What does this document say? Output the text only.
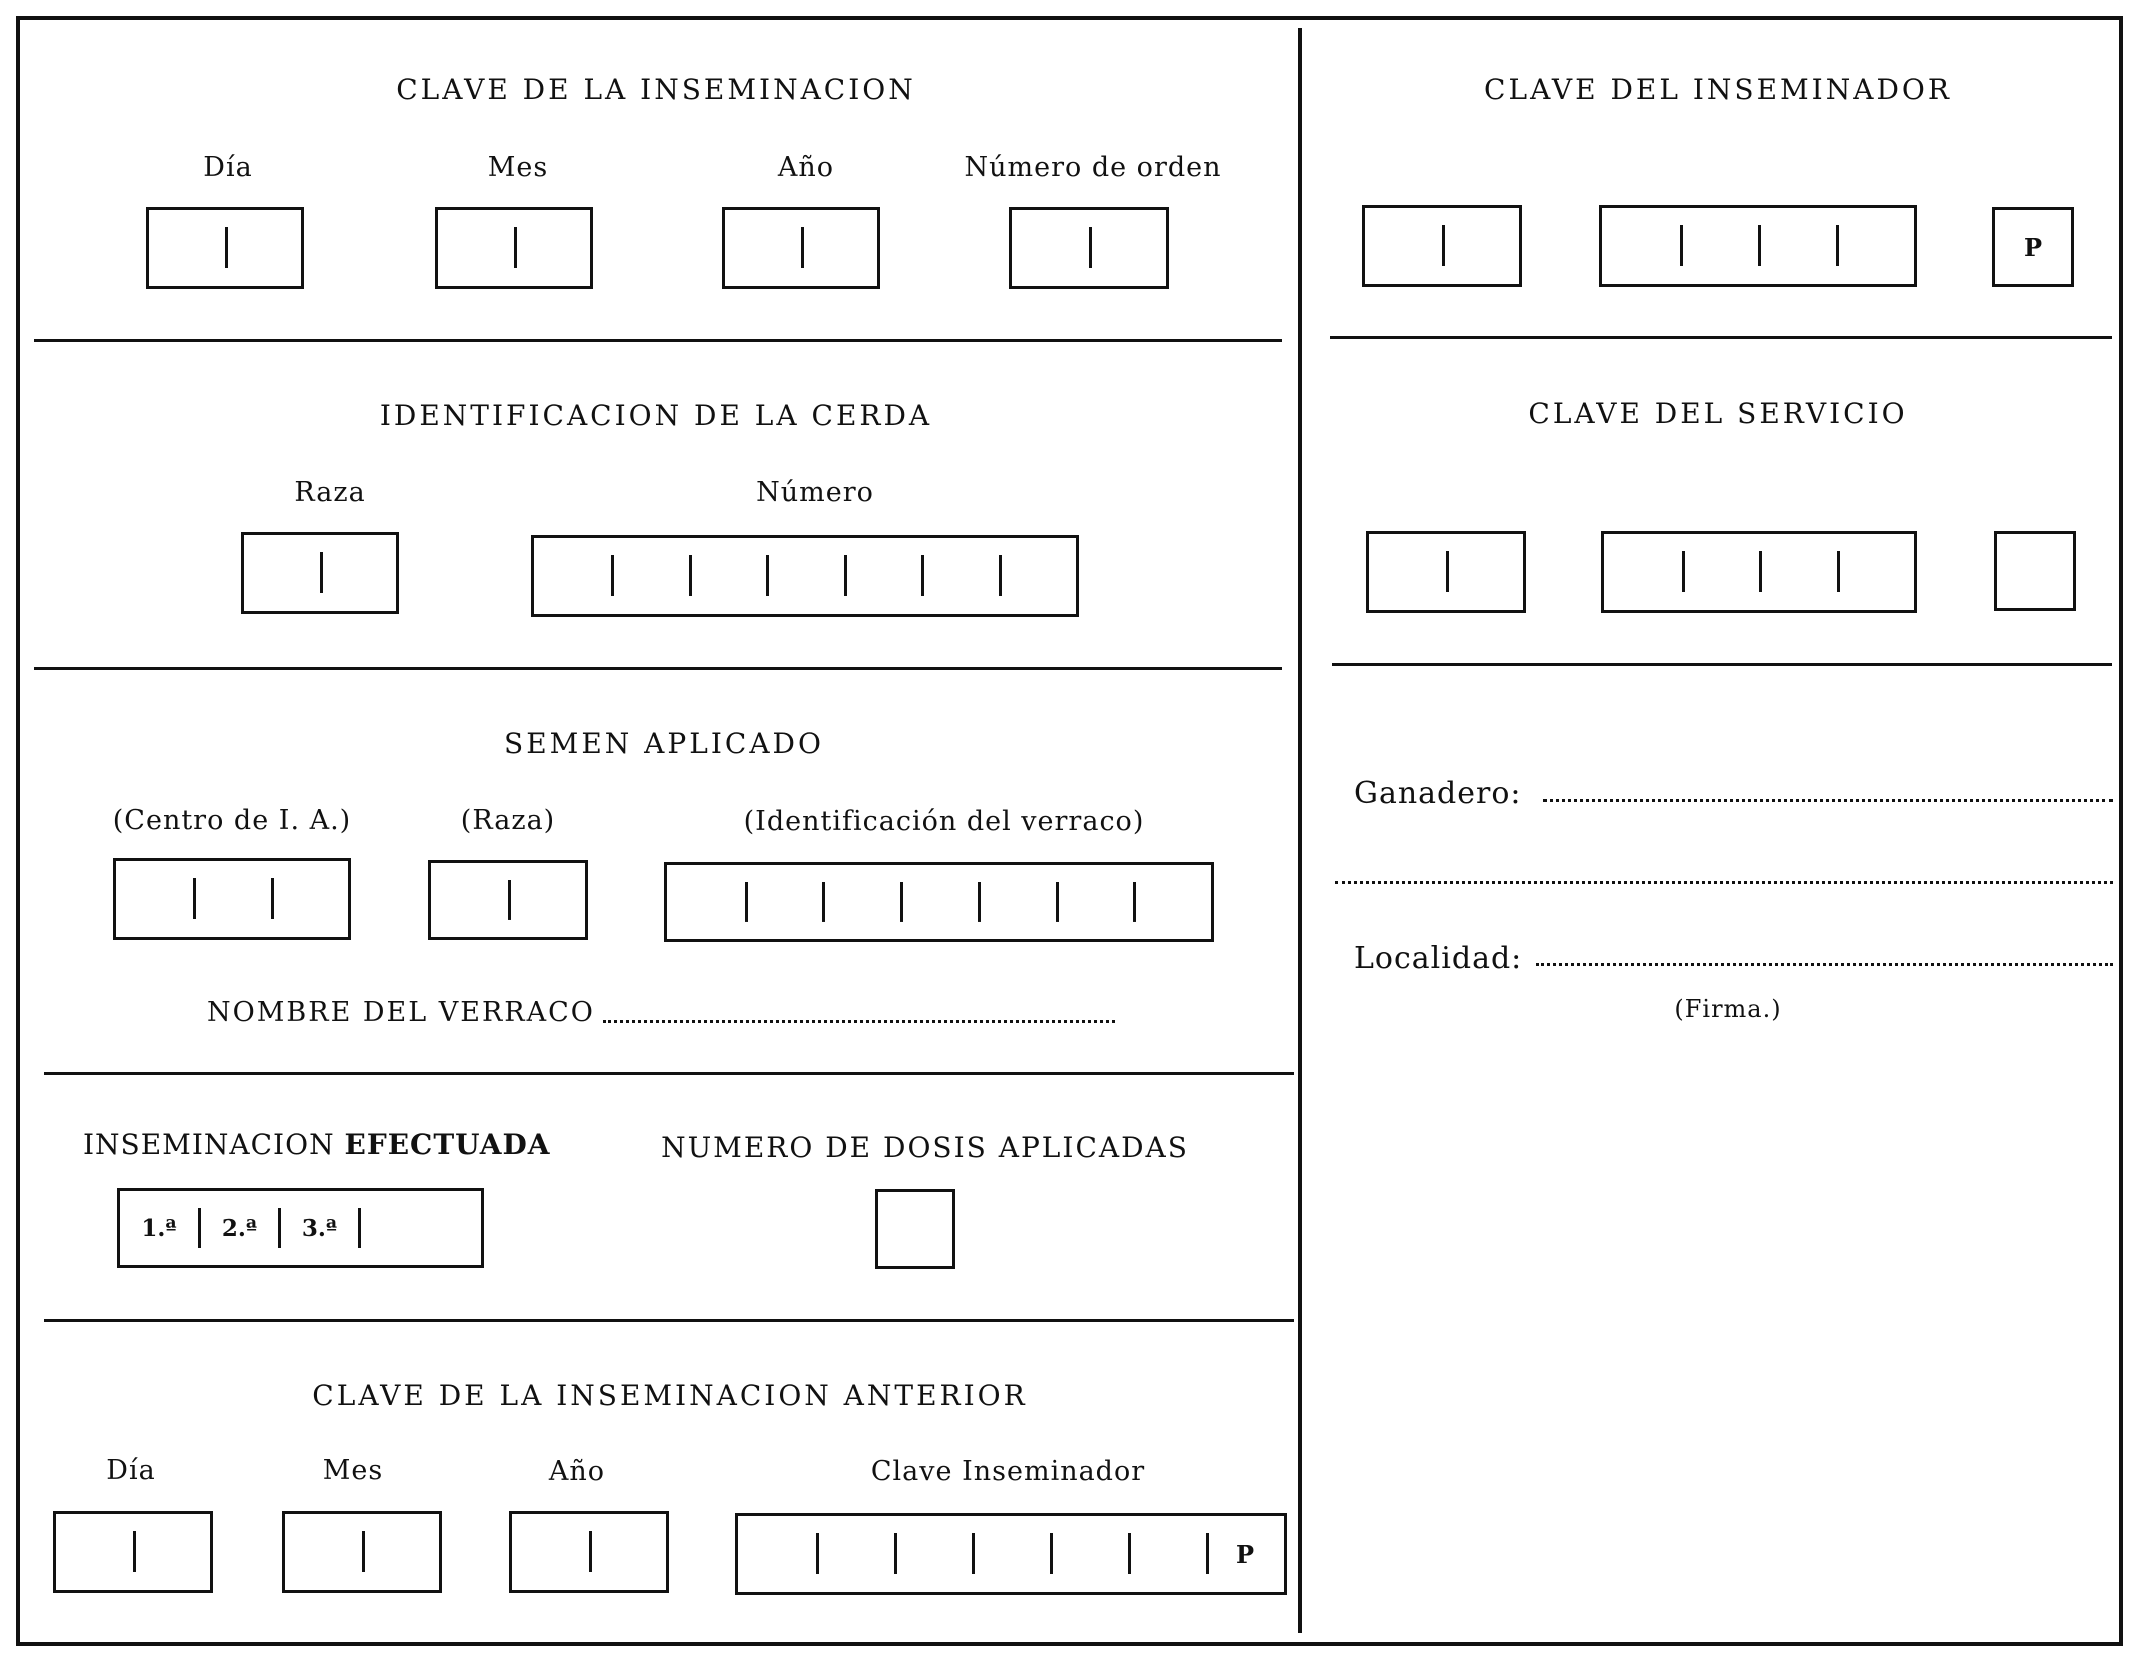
CLAVE DE LA INSEMINACION
Día	Mes	Año	Número de orden
CLAVE DEL INSEMINADOR
P
IDENTIFICACION DE LA CERDA
Raza	Número
CLAVE DEL SERVICIO
SEMEN APLICADO
(Centro de I. A.)	(Raza)	(Identificación del verraco)
NOMBRE DEL VERRACO
Ganadero:
Localidad:
(Firma.)
INSEMINACION EFECTUADA	NUMERO DE DOSIS APLICADAS
1.ª	2.ª	3.ª
CLAVE DE LA INSEMINACION ANTERIOR
Día	Mes	Año	Clave Inseminador
P
